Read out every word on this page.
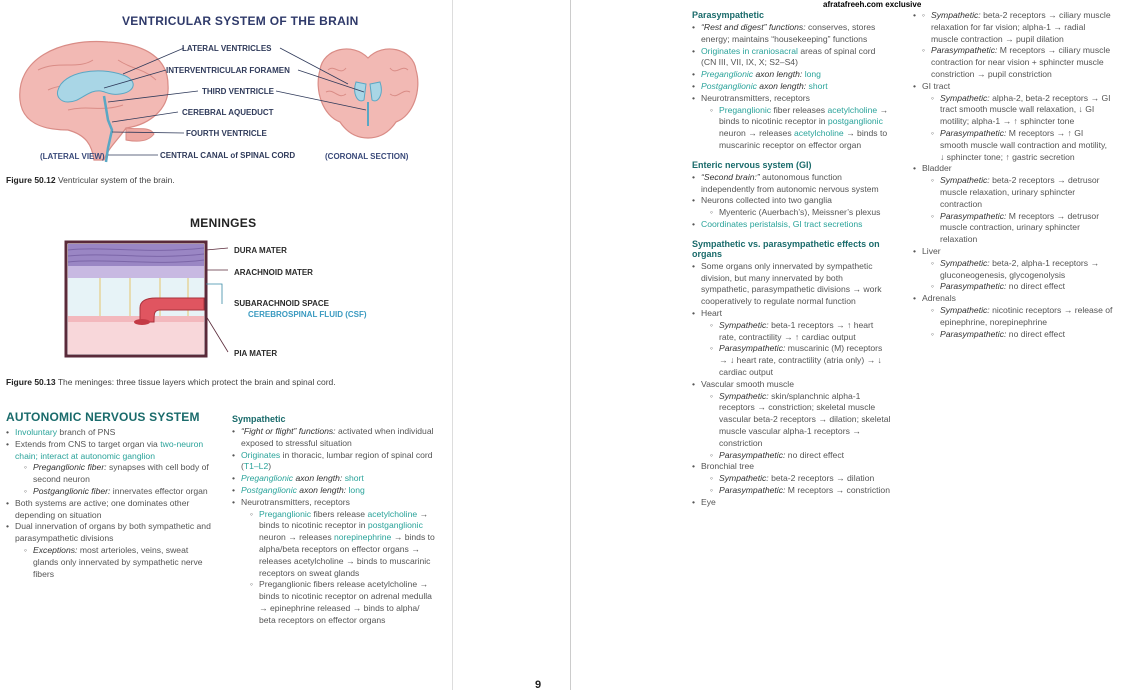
VENTRICULAR SYSTEM OF THE BRAIN
LATERAL VENTRICLES
INTERVENTRICULAR FORAMEN
THIRD VENTRICLE
CEREBRAL AQUEDUCT
FOURTH VENTRICLE
CENTRAL CANAL of SPINAL CORD
(LATERAL VIEW)	(CORONAL SECTION)
Figure 50.12 Ventricular system of the brain.
MENINGES
DURA MATER
ARACHNOID MATER
SUBARACHNOID SPACE
CEREBROSPINAL FLUID (CSF)
PIA MATER
Figure 50.13 The meninges: three tissue layers which protect the brain and spinal cord.
AUTONOMIC NERVOUS SYSTEM
• Involuntary branch of PNS
• Extends from CNS to target organ via two-neuron chain; interact at autonomic ganglion
◦ Preganglionic fiber: synapses with cell body of second neuron
◦ Postganglionic fiber: innervates effector organ
• Both systems are active; one dominates other depending on situation
• Dual innervation of organs by both sympathetic and parasympathetic divisions
◦ Exceptions: most arterioles, veins, sweat glands only innervated by sympathetic nerve fibers
Sympathetic
• “Fight or flight” functions: activated when individual exposed to stressful situation
• Originates in thoracic, lumbar region of spinal cord (T1–L2)
• Preganglionic axon length: short
• Postganglionic axon length: long
• Neurotransmitters, receptors
◦ Preganglionic fibers release acetylcholine → binds to nicotinic receptor in postganglionic neuron → releases norepinephrine → binds to alpha/beta receptors on effector organs → releases acetylcholine → binds to muscarinic receptors on sweat glands
◦ Preganglionic fibers release acetylcholine → binds to nicotinic receptor on adrenal medulla → epinephrine released → binds to alpha/ beta receptors on effector organs
9
afratafreeh.com exclusive
Parasympathetic
• “Rest and digest” functions: conserves, stores energy; maintains “housekeeping” functions
• Originates in craniosacral areas of spinal cord (CN III, VII, IX, X; S2–S4)
• Preganglionic axon length: long
• Postganglionic axon length: short
• Neurotransmitters, receptors
◦ Preganglionic fiber releases acetylcholine → binds to nicotinic receptor in postganglionic neuron → releases acetylcholine → binds to muscarinic receptor on effector organ
Enteric nervous system (GI)
• “Second brain:” autonomous function independently from autonomic nervous system
• Neurons collected into two ganglia
◦ Myenteric (Auerbach’s), Meissner’s plexus
• Coordinates peristalsis, GI tract secretions
Sympathetic vs. parasympathetic effects on organs
• Some organs only innervated by sympathetic division, but many innervated by both sympathetic, parasympathetic divisions → work cooperatively to regulate normal function
• Heart
◦ Sympathetic: beta-1 receptors → ↑ heart rate, contractility → ↑ cardiac output
◦ Parasympathetic: muscarinic (M) receptors → ↓ heart rate, contractility (atria only) → ↓ cardiac output
• Vascular smooth muscle
◦ Sympathetic: skin/splanchnic alpha-1 receptors → constriction; skeletal muscle vascular beta-2 receptors → dilation; skeletal muscle vascular alpha-1 receptors → constriction
◦ Parasympathetic: no direct effect
• Bronchial tree
◦ Sympathetic: beta-2 receptors → dilation
◦ Parasympathetic: M receptors → constriction
• Eye
◦ • Sympathetic: beta-2 receptors → ciliary muscle relaxation for far vision; alpha-1 → radial muscle contraction → pupil dilation
◦ Parasympathetic: M receptors → ciliary muscle contraction for near vision + sphincter muscle constriction → pupil constriction
• GI tract
◦ Sympathetic: alpha-2, beta-2 receptors → GI tract smooth muscle wall relaxation, ↓ GI motility; alpha-1 → ↑ sphincter tone
◦ Parasympathetic: M receptors → ↑ GI smooth muscle wall contraction and motility, ↓ sphincter tone; ↑ gastric secretion
• Bladder
◦ Sympathetic: beta-2 receptors → detrusor muscle relaxation, urinary sphincter contraction
◦ Parasympathetic: M receptors → detrusor muscle contraction, urinary sphincter relaxation
• Liver
◦ Sympathetic: beta-2, alpha-1 receptors → gluconeogenesis, glycogenolysis
◦ Parasympathetic: no direct effect
• Adrenals
◦ Sympathetic: nicotinic receptors → release of epinephrine, norepinephrine
◦ Parasympathetic: no direct effect
